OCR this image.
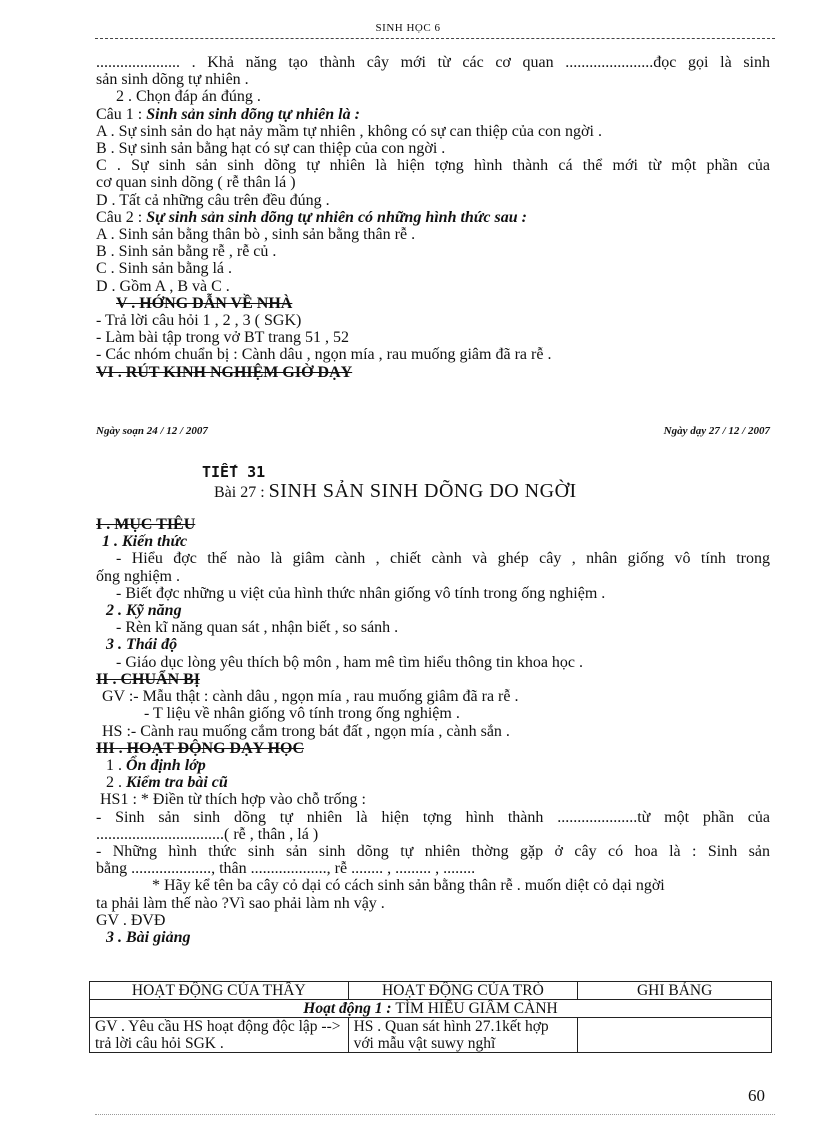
SINH HỌC 6

..................... . Khả năng tạo thành cây mới từ các cơ quan ......................đọc gọi là sinh

sản sinh dõng tự nhiên .

2 . Chọn đáp án đúng .

Câu 1 : Sinh sản sinh dõng tự nhiên là :

A . Sự sinh sản do hạt nảy mầm tự nhiên , không có sự can thiệp của con ngời .

B . Sự sinh sản bằng hạt có sự can thiệp của con ngời .

C . Sự sinh sản sinh dõng tự nhiên là hiện tợng hình thành cá thể mới từ một phần của

cơ quan sinh dõng ( rễ thân lá )

D . Tất cả những câu trên đều đúng .

Câu 2 : Sự sinh sản sinh dõng tự nhiên có những hình thức sau :

A . Sinh sản bằng thân bò , sinh sản bằng thân rễ .

B . Sinh sản bằng rễ , rễ củ .

C . Sinh sản bằng lá .

D . Gồm A , B và C .

V . HỚNG DẪN VỀ NHÀ

- Trả lời câu hỏi 1 , 2 , 3 ( SGK)

- Làm bài tập trong vở BT trang 51 , 52

- Các nhóm chuẩn bị : Cành dâu , ngọn mía , rau muống giâm đã ra rễ .

VI . RÚT KINH NGHIỆM GIỜ DẠY

Ngày soạn 24 / 12 / 2007	Ngày dạy 27 / 12 / 2007

TIẾT 31

Bài 27 : SINH SẢN SINH DÕNG DO NGỜI

I . MỤC TIÊU

1 . Kiến thức

- Hiểu đợc thế nào là giâm cành , chiết cành và ghép cây , nhân giống vô tính trong

ống nghiệm .

- Biết đợc những u việt của hình thức nhân giống vô tính trong ống nghiệm .

2 . Kỹ năng

- Rèn kĩ năng quan sát , nhận biết , so sánh .

3 . Thái độ

- Giáo dục lòng yêu thích bộ môn , ham mê tìm hiểu thông tin khoa học .

II . CHUẨN BỊ

GV :- Mẫu thật : cành dâu , ngọn mía , rau muống giâm đã ra rễ .

- T liệu về nhân giống vô tính trong ống nghiệm .

HS :- Cành rau muống cắm trong bát đất , ngọn mía , cành sắn .

III . HOẠT ĐỘNG DẠY HỌC

1 . Ổn định lớp

2 . Kiểm tra bài cũ

HS1 : * Điền từ thích hợp vào chỗ trống :

- Sinh sản sinh dõng tự nhiên là hiện tợng hình thành ....................từ một phần của

................................( rễ , thân , lá )

- Những hình thức sinh sản sinh dõng tự nhiên thờng gặp ở cây có hoa là : Sinh sản

bằng ...................., thân ..................., rễ ........ , ......... , ........

* Hãy kể tên ba cây cỏ dại có cách sinh sản bằng thân rễ . muốn diệt cỏ dại ngời

ta phải làm thế nào ?Vì sao phải làm nh vậy .

GV . ĐVĐ

3 . Bài giảng

HOẠT ĐỘNG CỦA THẦY	HOẠT ĐỘNG CỦA TRÒ	GHI BẢNG
Hoạt động 1 : TÌM HIỂU GIÂM CÀNH		
GV . Yêu cầu HS hoạt động độc lập --> trả lời câu hỏi SGK .	HS . Quan sát hình 27.1kết hợp với mẫu vật suwy nghĩ	
60
